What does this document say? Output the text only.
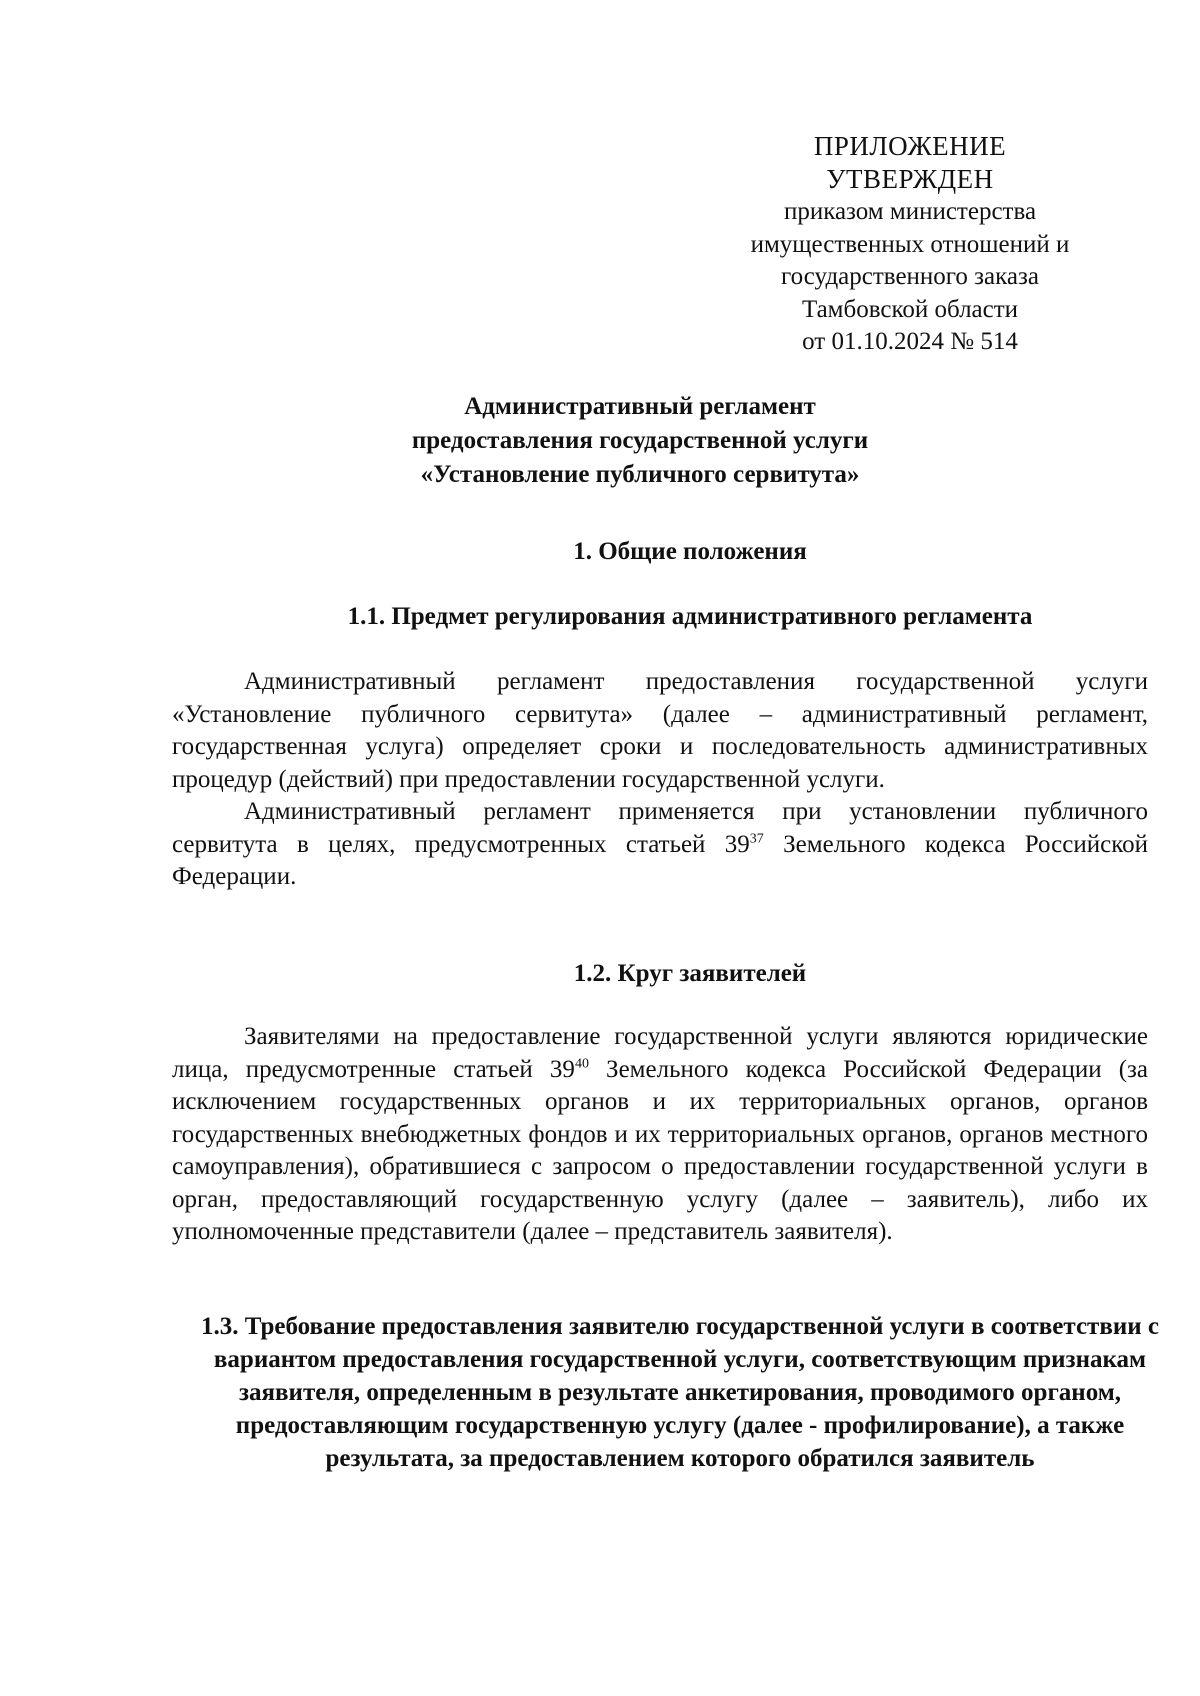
ПРИЛОЖЕНИЕ
УТВЕРЖДЕН
приказом министерства
имущественных отношений и
государственного заказа
Тамбовской области
от 01.10.2024 № 514
Административный регламент
предоставления государственной услуги
«Установление публичного сервитута»
1. Общие положения
1.1. Предмет регулирования административного регламента

Административный регламент предоставления государственной услуги «Установление публичного сервитута» (далее – административный регламент, государственная услуга) определяет сроки и последовательность административных процедур (действий) при предоставлении государственной услуги.

Административный регламент применяется при установлении публичного сервитута в целях, предусмотренных статьей $39^{37}$ Земельного кодекса Российской Федерации.

1.2. Круг заявителей

Заявителями на предоставление государственной услуги являются юридические лица, предусмотренные статьей $39^{40}$ Земельного кодекса Российской Федерации (за исключением государственных органов и их территориальных органов, органов государственных внебюджетных фондов и их территориальных органов, органов местного самоуправления), обратившиеся с запросом о предоставлении государственной услуги в орган, предоставляющий государственную услугу (далее – заявитель), либо их уполномоченные представители (далее – представитель заявителя).

1.3. Требование предоставления заявителю государственной услуги в соответствии с вариантом предоставления государственной услуги, соответствующим признакам заявителя, определенным в результате анкетирования, проводимого органом, предоставляющим государственную услугу (далее - профилирование), а также результата, за предоставлением которого обратился заявитель
